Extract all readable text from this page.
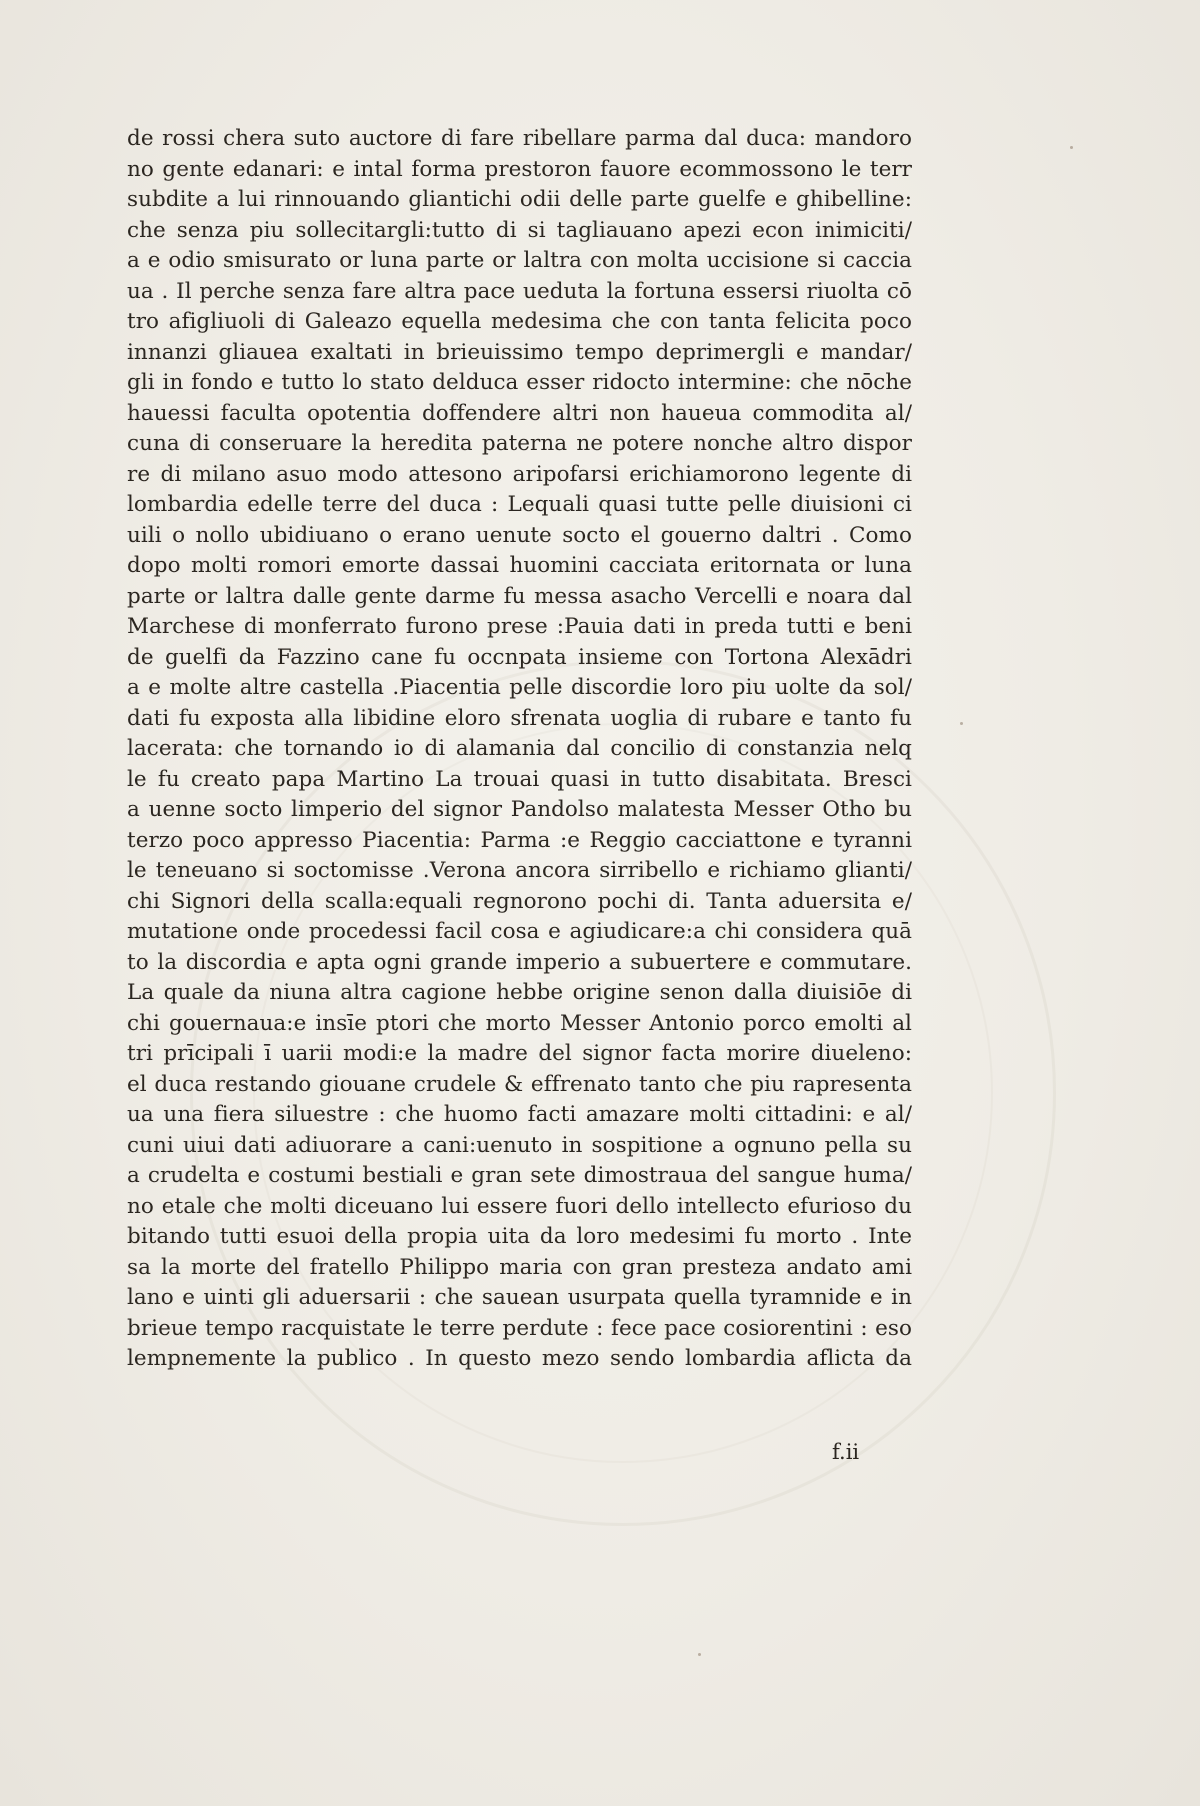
de rossi chera suto auctore di fare ribellare parma dal duca: mandoro
no gente edanari: e intal forma prestoron fauore ecommossono le terr
subdite a lui rinnouando gliantichi odii delle parte guelfe e ghibelline:
che senza piu sollecitargli:tutto di si tagliauano apezi econ inimiciti/
a e odio smisurato or luna parte or laltra con molta uccisione si caccia
ua . Il perche senza fare altra pace ueduta la fortuna essersi riuolta cō
tro afigliuoli di Galeazo equella medesima che con tanta felicita poco
innanzi gliauea exaltati in brieuissimo tempo deprimergli e mandar/
gli in fondo e tutto lo stato delduca esser ridocto intermine: che nōche
hauessi faculta opotentia doffendere altri non haueua commodita al/
cuna di conseruare la heredita paterna ne potere nonche altro dispor
re di milano asuo modo attesono aripofarsi erichiamorono legente di
lombardia edelle terre del duca : Lequali quasi tutte pelle diuisioni ci
uili o nollo ubidiuano o erano uenute socto el gouerno daltri . Como
dopo molti romori emorte dassai huomini cacciata eritornata or luna
parte or laltra dalle gente darme fu messa asacho Vercelli e noara dal
Marchese di monferrato furono prese :Pauia dati in preda tutti e beni
de guelfi da Fazzino cane fu occnpata insieme con Tortona Alexādri
a e molte altre castella .Piacentia pelle discordie loro piu uolte da sol/
dati fu exposta alla libidine eloro sfrenata uoglia di rubare e tanto fu
lacerata: che tornando io di alamania dal concilio di constanzia nelq
le fu creato papa Martino La trouai quasi in tutto disabitata. Bresci
a uenne socto limperio del signor Pandolso malatesta Messer Otho bu
terzo poco appresso Piacentia: Parma :e Reggio cacciattone e tyranni
le teneuano si soctomisse .Verona ancora sirribello e richiamo glianti/
chi Signori della scalla:equali regnorono pochi di. Tanta aduersita e/
mutatione onde procedessi facil cosa e agiudicare:a chi considera quā
to la discordia e apta ogni grande imperio a subuertere e commutare.
La quale da niuna altra cagione hebbe origine senon dalla diuisiōe di
chi gouernaua:e insīe ptori che morto Messer Antonio porco emolti al
tri prīcipali ī uarii modi:e la madre del signor facta morire diueleno:
el duca restando giouane crudele & effrenato tanto che piu rapresenta
ua una fiera siluestre : che huomo facti amazare molti cittadini: e al/
cuni uiui dati adiuorare a cani:uenuto in sospitione a ognuno pella su
a crudelta e costumi bestiali e gran sete dimostraua del sangue huma/
no etale che molti diceuano lui essere fuori dello intellecto efurioso du
bitando tutti esuoi della propia uita da loro medesimi fu morto . Inte
sa la morte del fratello Philippo maria con gran presteza andato ami
lano e uinti gli aduersarii : che sauean usurpata quella tyramnide e in
brieue tempo racquistate le terre perdute : fece pace cosiorentini : eso
lempnemente la publico . In questo mezo sendo lombardia aflicta da
f.ii
